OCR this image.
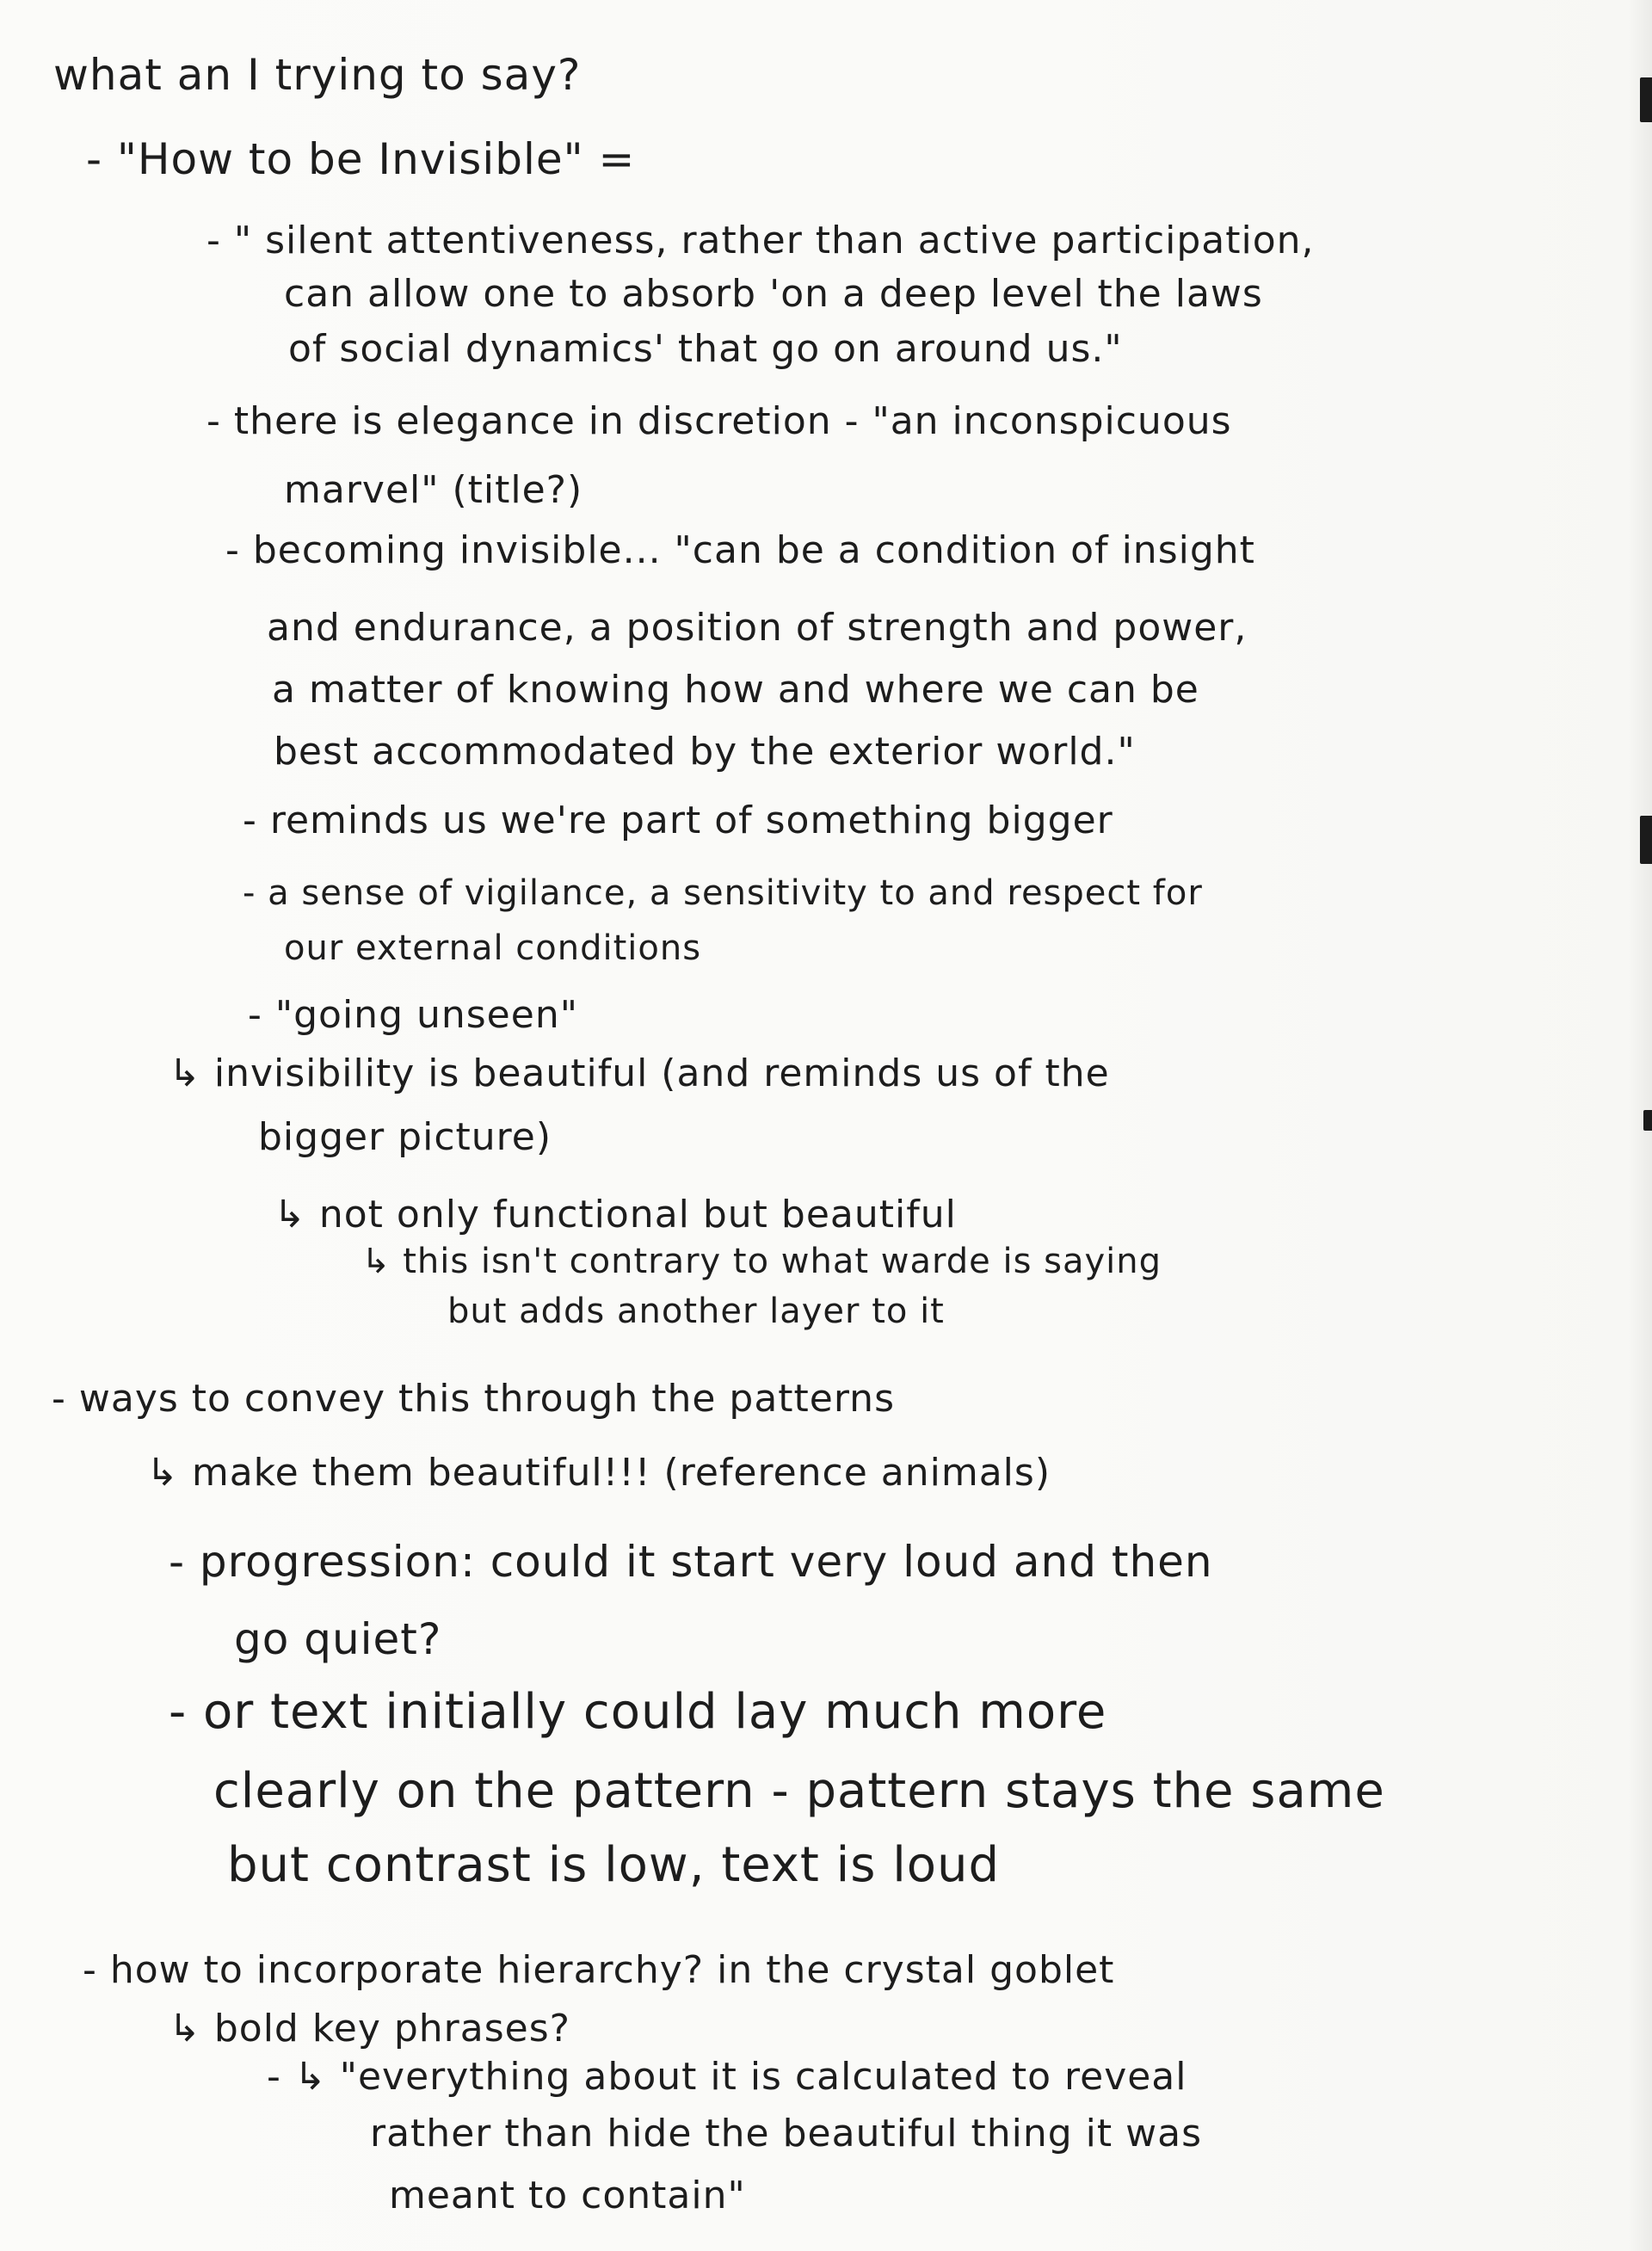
what an I trying to say?
- "How to be Invisible" =
- " silent attentiveness, rather than active participation,
can allow one to absorb 'on a deep level the laws
of social dynamics' that go on around us."
- there is elegance in discretion - "an inconspicuous
marvel" (title?)
- becoming invisible... "can be a condition of insight
and endurance, a position of strength and power,
a matter of knowing how and where we can be
best accommodated by the exterior world."
- reminds us we're part of something bigger
- a sense of vigilance, a sensitivity to and respect for
our external conditions
- "going unseen"
↳ invisibility is beautiful (and reminds us of the
bigger picture)
↳ not only functional but beautiful
↳ this isn't contrary to what warde is saying
but adds another layer to it
- ways to convey this through the patterns
↳ make them beautiful!!! (reference animals)
- progression: could it start very loud and then
go quiet?
- or text initially could lay much more
clearly on the pattern - pattern stays the same
but contrast is low, text is loud
- how to incorporate hierarchy? in the crystal goblet
↳ bold key phrases?
- ↳ "everything about it is calculated to reveal
rather than hide the beautiful thing it was
meant to contain"
